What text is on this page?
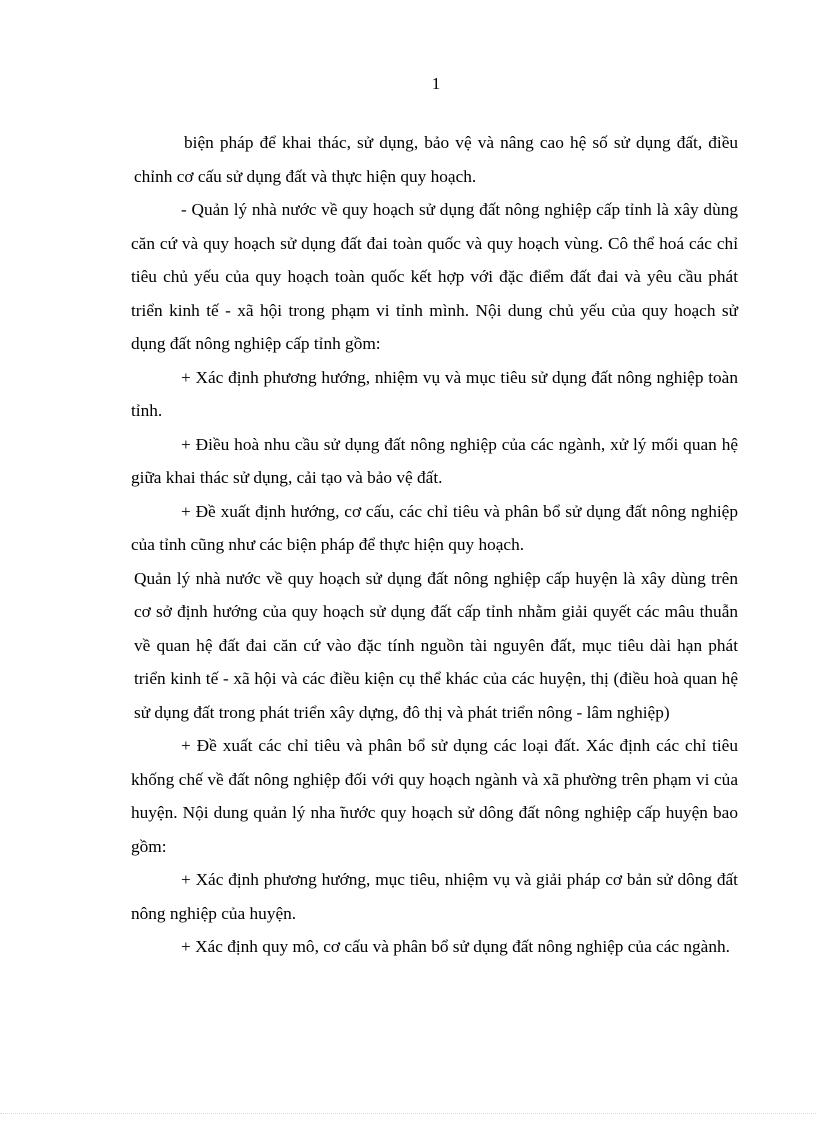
1

biện pháp để khai thác, sử dụng, bảo vệ và nâng cao hệ số sử dụng đất, điều chỉnh cơ cấu sử dụng đất và thực hiện quy hoạch.

- Quản lý nhà nước về quy hoạch sử dụng đất nông nghiệp cấp tỉnh là xây dùng căn cứ và quy hoạch sử dụng đất đai toàn quốc và quy hoạch vùng. Cô thể hoá các chỉ tiêu chủ yếu của quy hoạch toàn quốc kết hợp với đặc điểm đất đai và yêu cầu phát triển kinh tế - xã hội trong phạm vi tỉnh mình. Nội dung chủ yếu của quy hoạch sử dụng đất nông nghiệp cấp tỉnh gồm:

+ Xác định phương hướng, nhiệm vụ và mục tiêu sử dụng đất nông nghiệp toàn tỉnh.

+ Điều hoà nhu cầu sử dụng đất nông nghiệp của các ngành, xử lý mối quan hệ giữa khai thác sử dụng, cải tạo và bảo vệ đất.

+ Đề xuất định hướng, cơ cấu, các chỉ tiêu và phân bổ sử dụng đất nông nghiệp của tỉnh cũng như các biện pháp để thực hiện quy hoạch.

Quản lý nhà nước về quy hoạch sử dụng đất nông nghiệp cấp huyện là xây dùng trên cơ sở định hướng của quy hoạch sử dụng đất cấp tỉnh nhằm giải quyết các mâu thuẫn về quan hệ đất đai căn cứ vào đặc tính nguồn tài nguyên đất, mục tiêu dài hạn phát triển kinh tế - xã hội và các điều kiện cụ thể khác của các huyện, thị (điều hoà quan hệ sử dụng đất trong phát triển xây dựng, đô thị và phát triển nông - lâm nghiệp)

+ Đề xuất các chỉ tiêu và phân bổ sử dụng các loại đất. Xác định các chỉ tiêu khống chế về đất nông nghiệp đối với quy hoạch ngành và xã phường trên phạm vi của huyện. Nội dung quản lý nha ̃nước quy hoạch sử dông đất nông nghiệp cấp huyện bao gồm:

+ Xác định phương hướng, mục tiêu, nhiệm vụ và giải pháp cơ bản sử dông đất nông nghiệp của huyện.

+ Xác định quy mô, cơ cấu và phân bổ sử dụng đất nông nghiệp của các ngành.
